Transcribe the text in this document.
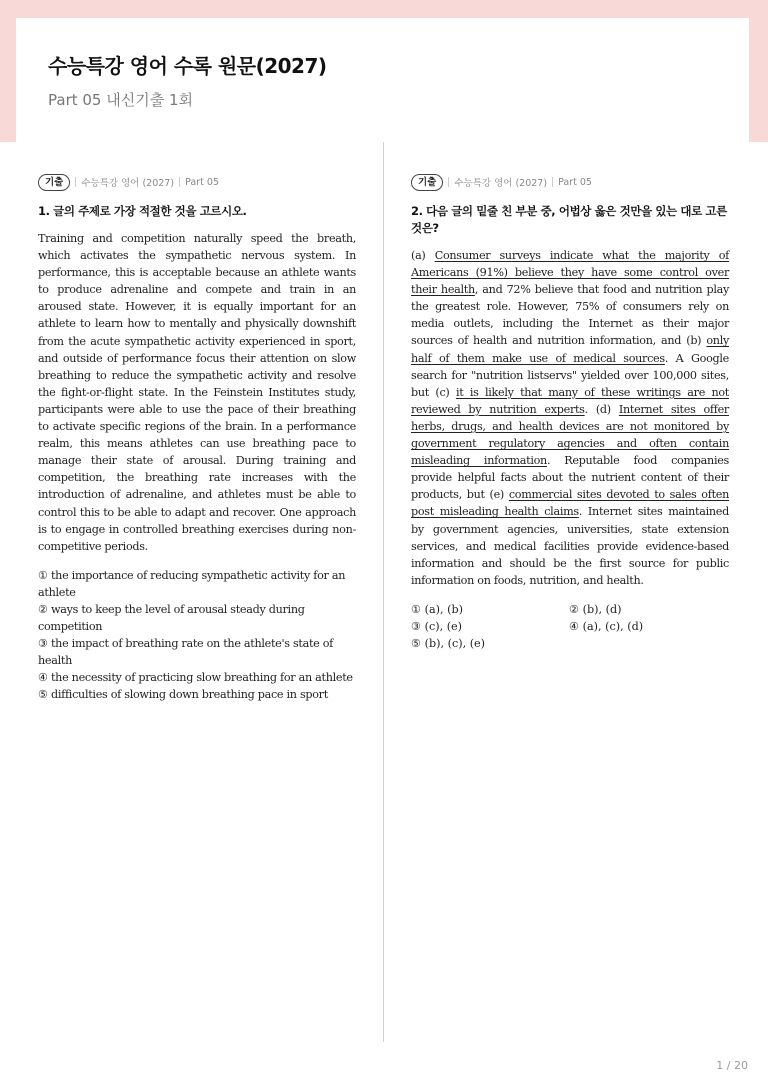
수능특강 영어 수록 원문(2027)
Part 05 내신기출 1회
기출	수능특강 영어 (2027) Part 05
1. 글의 주제로 가장 적절한 것을 고르시오.
Training and competition naturally speed the breath, which activates the sympathetic nervous system. In performance, this is acceptable because an athlete wants to produce adrenaline and compete and train in an aroused state. However, it is equally important for an athlete to learn how to mentally and physically downshift from the acute sympathetic activity experienced in sport, and outside of performance focus their attention on slow breathing to reduce the sympathetic activity and resolve the fight-or-flight state. In the Feinstein Institutes study, participants were able to use the pace of their breathing to activate specific regions of the brain. In a performance realm, this means athletes can use breathing pace to manage their state of arousal. During training and competition, the breathing rate increases with the introduction of adrenaline, and athletes must be able to control this to be able to adapt and recover. One approach is to engage in controlled breathing exercises during non-competitive periods.
① the importance of reducing sympathetic activity for an athlete
② ways to keep the level of arousal steady during competition
③ the impact of breathing rate on the athlete's state of health
④ the necessity of practicing slow breathing for an athlete
⑤ difficulties of slowing down breathing pace in sport
기출	수능특강 영어 (2027) Part 05
2. 다음 글의 밑줄 친 부분 중, 어법상 옳은 것만을 있는 대로 고른 것은?
(a) Consumer surveys indicate what the majority of Americans (91%) believe they have some control over their health, and 72% believe that food and nutrition play the greatest role. However, 75% of consumers rely on media outlets, including the Internet as their major sources of health and nutrition information, and (b) only half of them make use of medical sources. A Google search for "nutrition listservs" yielded over 100,000 sites, but (c) it is likely that many of these writings are not reviewed by nutrition experts. (d) Internet sites offer herbs, drugs, and health devices are not monitored by government regulatory agencies and often contain misleading information. Reputable food companies provide helpful facts about the nutrient content of their products, but (e) commercial sites devoted to sales often post misleading health claims. Internet sites maintained by government agencies, universities, state extension services, and medical facilities provide evidence-based information and should be the first source for public information on foods, nutrition, and health.
① (a), (b)	② (b), (d)
③ (c), (e)	④ (a), (c), (d)
⑤ (b), (c), (e)
1 / 20
